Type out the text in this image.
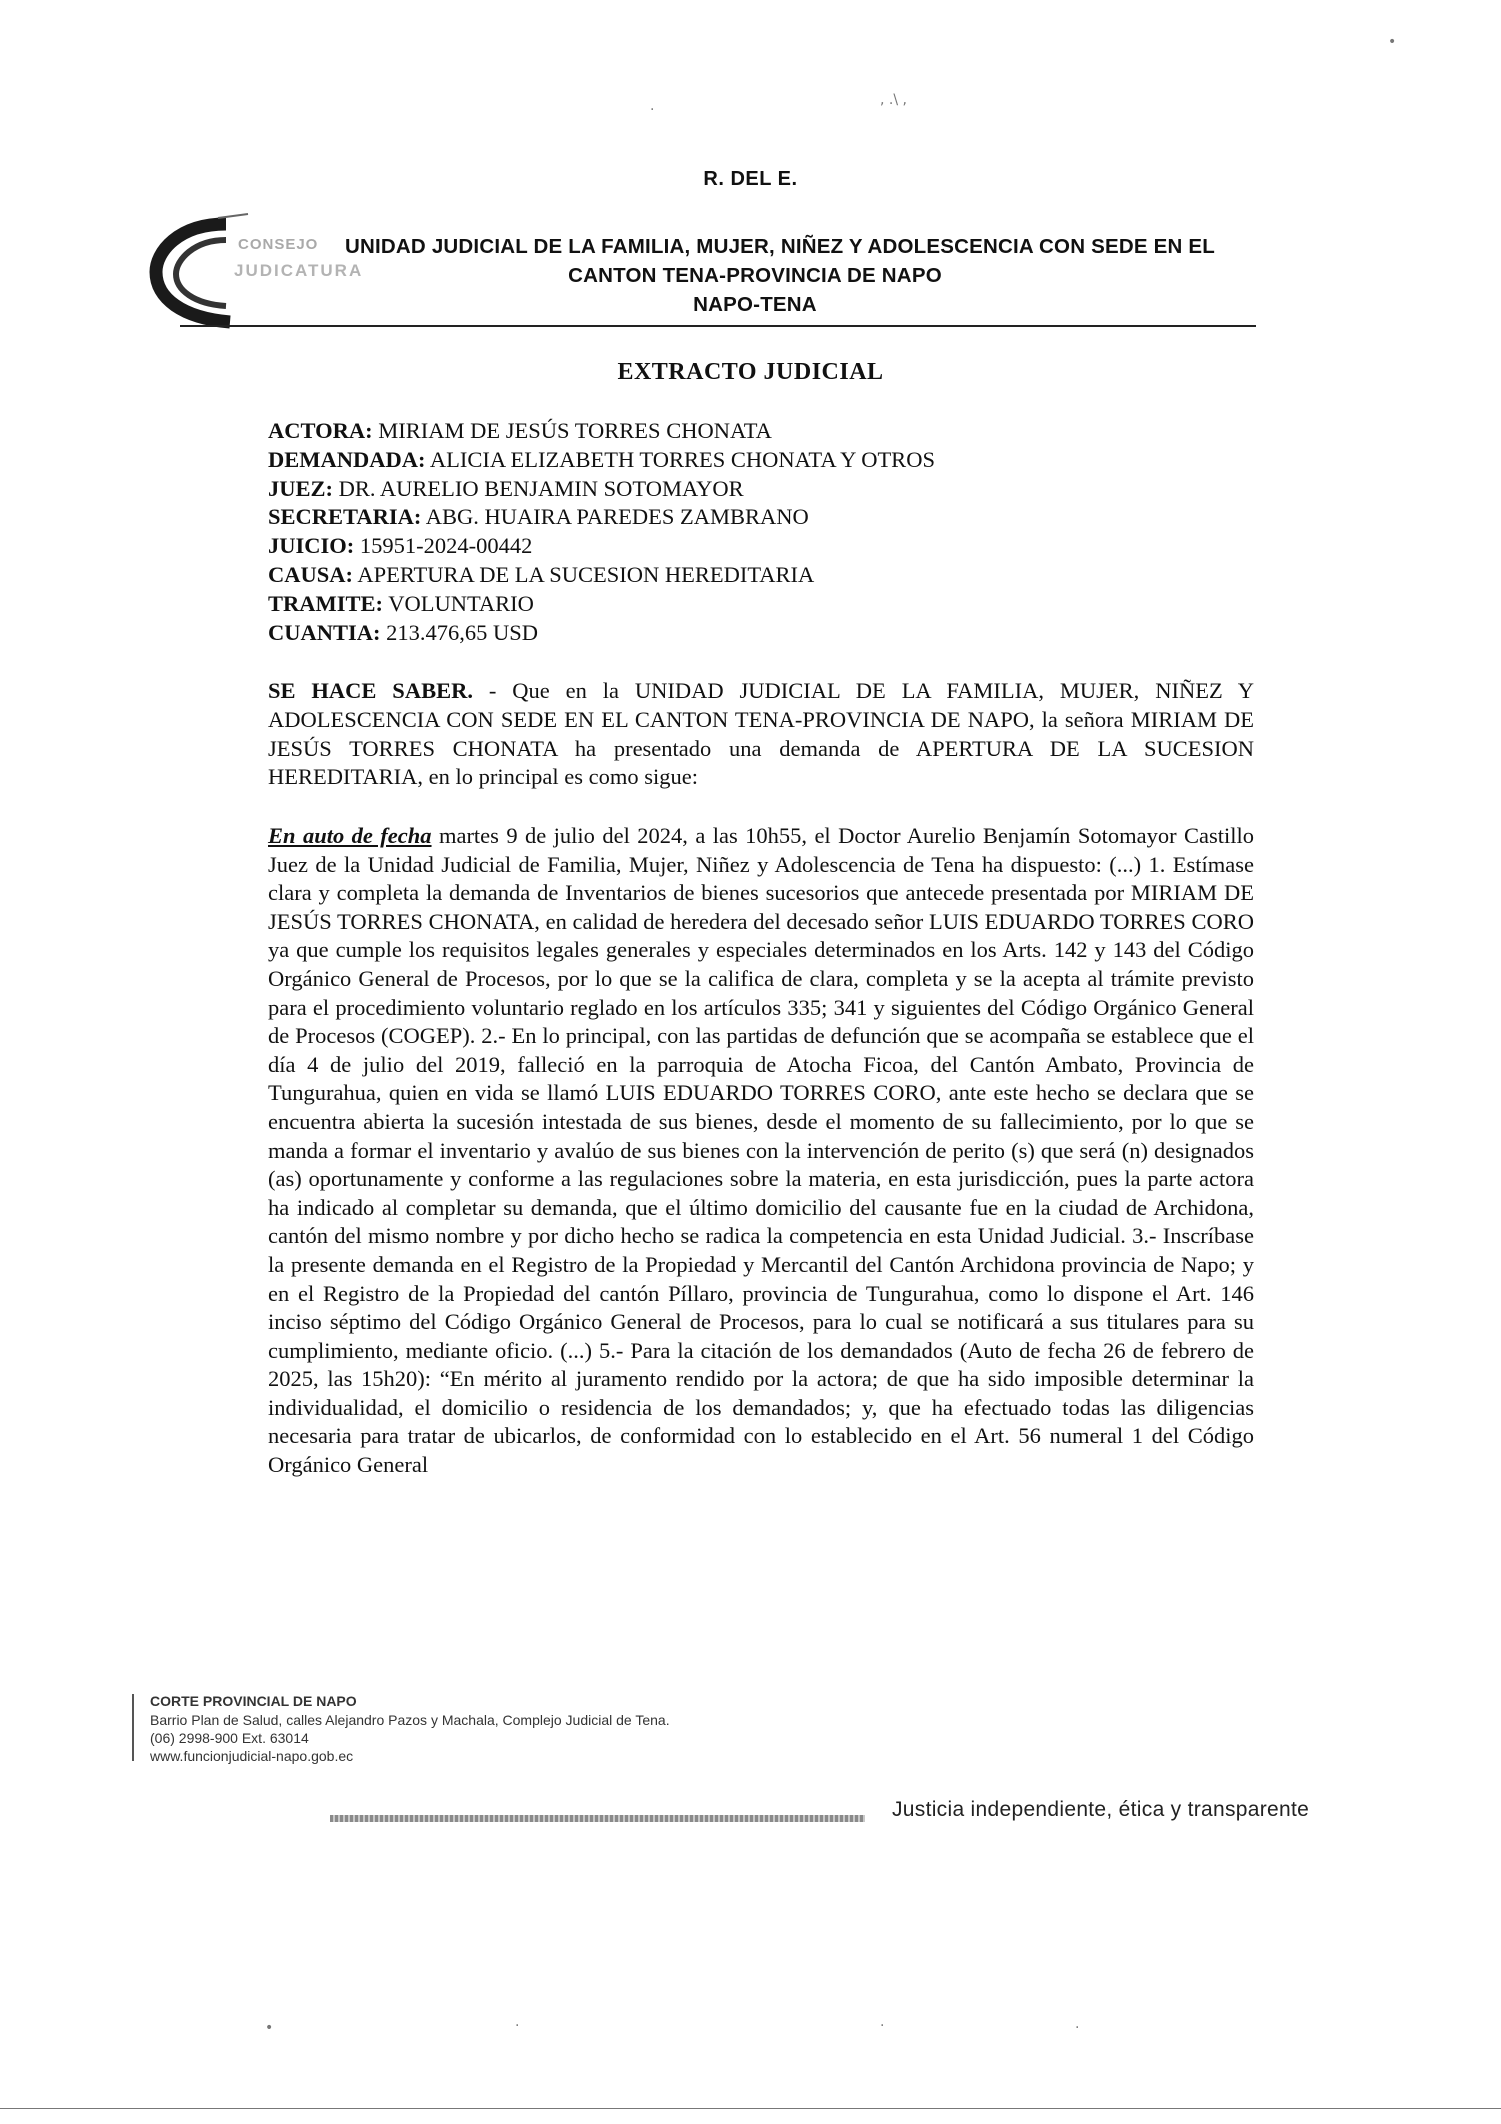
.	, .\ ,
•
R. DEL E.
CONSEJO
JUDICATURA
UNIDAD JUDICIAL DE LA FAMILIA, MUJER, NIÑEZ Y ADOLESCENCIA CON SEDE EN EL
CANTON TENA-PROVINCIA DE NAPO
NAPO-TENA
EXTRACTO JUDICIAL
ACTORA: MIRIAM DE JESÚS TORRES CHONATA
DEMANDADA: ALICIA ELIZABETH TORRES CHONATA Y OTROS
JUEZ: DR. AURELIO BENJAMIN SOTOMAYOR
SECRETARIA: ABG. HUAIRA PAREDES ZAMBRANO
JUICIO: 15951-2024-00442
CAUSA: APERTURA DE LA SUCESION HEREDITARIA
TRAMITE: VOLUNTARIO
CUANTIA: 213.476,65 USD
SE HACE SABER. - Que en la UNIDAD JUDICIAL DE LA FAMILIA, MUJER, NIÑEZ Y ADOLESCENCIA CON SEDE EN EL CANTON TENA-PROVINCIA DE NAPO, la señora MIRIAM DE JESÚS TORRES CHONATA ha presentado una demanda de APERTURA DE LA SUCESION HEREDITARIA, en lo principal es como sigue:
En auto de fecha martes 9 de julio del 2024, a las 10h55, el Doctor Aurelio Benjamín Sotomayor Castillo Juez de la Unidad Judicial de Familia, Mujer, Niñez y Adolescencia de Tena ha dispuesto: (...) 1. Estímase clara y completa la demanda de Inventarios de bienes sucesorios que antecede presentada por MIRIAM DE JESÚS TORRES CHONATA, en calidad de heredera del decesado señor LUIS EDUARDO TORRES CORO ya que cumple los requisitos legales generales y especiales determinados en los Arts. 142 y 143 del Código Orgánico General de Procesos, por lo que se la califica de clara, completa y se la acepta al trámite previsto para el procedimiento voluntario reglado en los artículos 335; 341 y siguientes del Código Orgánico General de Procesos (COGEP). 2.- En lo principal, con las partidas de defunción que se acompaña se establece que el día 4 de julio del 2019, falleció en la parroquia de Atocha Ficoa, del Cantón Ambato, Provincia de Tungurahua, quien en vida se llamó LUIS EDUARDO TORRES CORO, ante este hecho se declara que se encuentra abierta la sucesión intestada de sus bienes, desde el momento de su fallecimiento, por lo que se manda a formar el inventario y avalúo de sus bienes con la intervención de perito (s) que será (n) designados (as) oportunamente y conforme a las regulaciones sobre la materia, en esta jurisdicción, pues la parte actora ha indicado al completar su demanda, que el último domicilio del causante fue en la ciudad de Archidona, cantón del mismo nombre y por dicho hecho se radica la competencia en esta Unidad Judicial. 3.- Inscríbase la presente demanda en el Registro de la Propiedad y Mercantil del Cantón Archidona provincia de Napo; y en el Registro de la Propiedad del cantón Píllaro, provincia de Tungurahua, como lo dispone el Art. 146 inciso séptimo del Código Orgánico General de Procesos, para lo cual se notificará a sus titulares para su cumplimiento, mediante oficio. (...) 5.- Para la citación de los demandados (Auto de fecha 26 de febrero de 2025, las 15h20): “En mérito al juramento rendido por la actora; de que ha sido imposible determinar la individualidad, el domicilio o residencia de los demandados; y, que ha efectuado todas las diligencias necesaria para tratar de ubicarlos, de conformidad con lo establecido en el Art. 56 numeral 1 del Código Orgánico General
CORTE PROVINCIAL DE NAPO
Barrio Plan de Salud, calles Alejandro Pazos y Machala, Complejo Judicial de Tena.
(06) 2998-900 Ext. 63014
www.funcionjudicial-napo.gob.ec
Justicia independiente, ética y transparente
•	·	·	·
